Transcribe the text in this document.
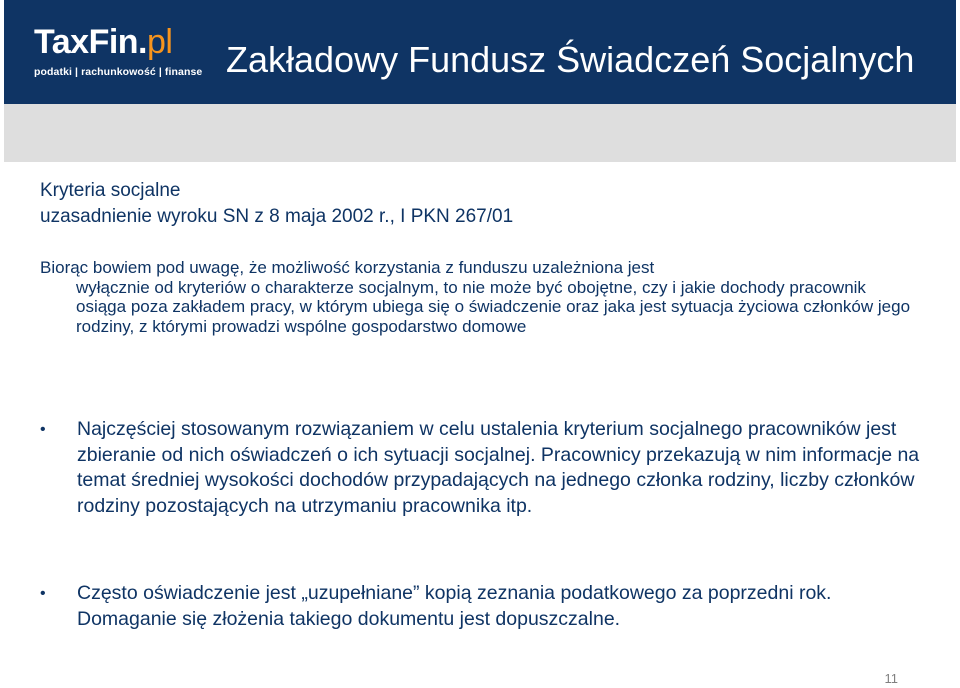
TaxFin.pl
podatki | rachunkowość | finanse Zakładowy Fundusz Świadczeń Socjalnych
Kryteria socjalne
uzasadnienie wyroku SN z 8 maja 2002 r., I PKN 267/01
Biorąc bowiem pod uwagę, że możliwość korzystania z funduszu uzależniona jest
wyłącznie od kryteriów o charakterze socjalnym, to nie może być obojętne, czy i jakie dochody pracownik osiąga poza zakładem pracy, w którym ubiega się o świadczenie oraz jaka jest sytuacja życiowa członków jego rodziny, z którymi prowadzi wspólne gospodarstwo domowe
• Najczęściej stosowanym rozwiązaniem w celu ustalenia kryterium socjalnego pracowników jest zbieranie od nich oświadczeń o ich sytuacji socjalnej. Pracownicy przekazują w nim informacje na temat średniej wysokości dochodów przypadających na jednego członka rodziny, liczby członków rodziny pozostających na utrzymaniu pracownika itp.
• Często oświadczenie jest „uzupełniane” kopią zeznania podatkowego za poprzedni rok. Domaganie się złożenia takiego dokumentu jest dopuszczalne.
11
